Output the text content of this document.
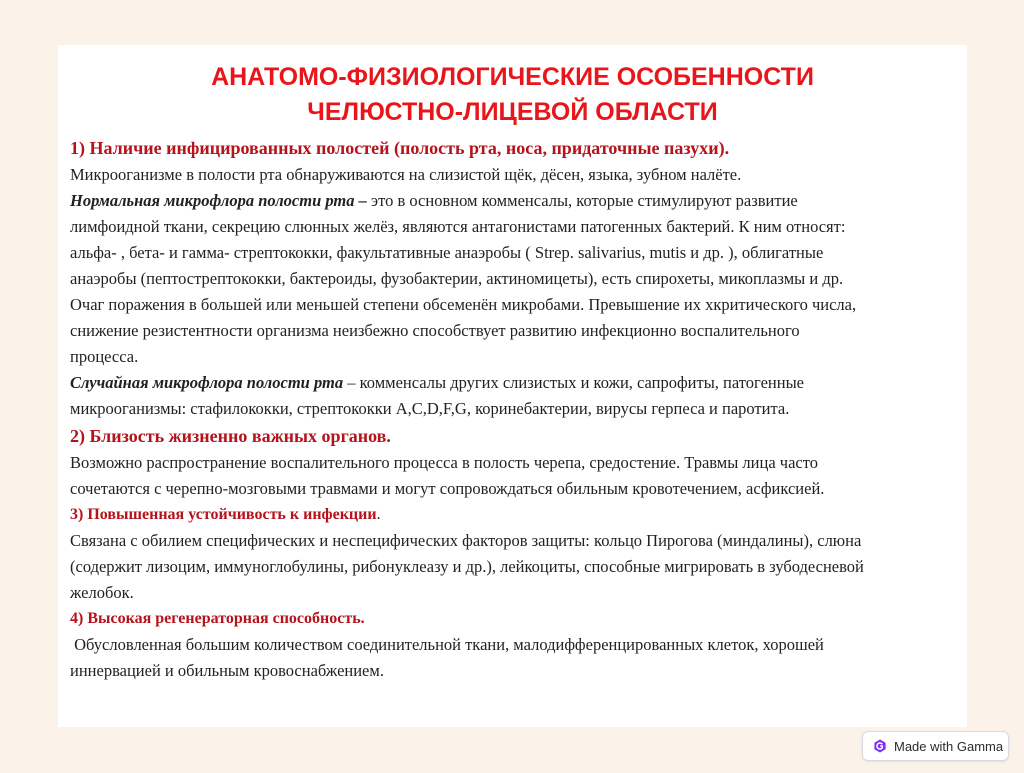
АНАТОМО-ФИЗИОЛОГИЧЕСКИЕ ОСОБЕННОСТИ
ЧЕЛЮСТНО-ЛИЦЕВОЙ ОБЛАСТИ

1) Наличие инфицированных полостей (полость рта, носа, придаточные пазухи).

Микрооганизме в полости рта обнаруживаются на слизистой щёк, дёсен, языка, зубном налёте.

Нормальная микрофлора полости рта – это в основном комменсалы, которые стимулируют развитие

лимфоидной ткани, секрецию слюнных желёз, являются антагонистами патогенных бактерий. К ним относят:

альфа- , бета- и гамма- стрептококки, факультативные анаэробы ( Strep. salivarius, mutis и др. ), облигатные

анаэробы (пептострептококки, бактероиды, фузобактерии, актиномицеты), есть спирохеты, микоплазмы и др.

Очаг поражения в большей или меньшей степени обсеменён микробами. Превышение их хкритического числа,

снижение резистентности организма неизбежно способствует развитию инфекционно воспалительного

процесса.

Случайная микрофлора полости рта – комменсалы других слизистых и кожи, сапрофиты, патогенные

микрооганизмы: стафилококки, стрептококки A,C,D,F,G, коринебактерии, вирусы герпеса и паротита.

2) Близость жизненно важных органов.

Возможно распространение воспалительного процесса в полость черепа, средостение. Травмы лица часто

сочетаются с черепно-мозговыми травмами и могут сопровождаться обильным кровотечением, асфиксией.

3) Повышенная устойчивость к инфекции.

Связана с обилием специфических и неспецифических факторов защиты: кольцо Пирогова (миндалины), слюна

(содержит лизоцим, иммуноглобулины, рибонуклеазу и др.), лейкоциты, способные мигрировать в зубодесневой

желобок.

4) Высокая регенераторная способность.

Обусловленная большим количеством соединительной ткани, малодифференцированных клеток, хорошей

иннервацией и обильным кровоснабжением.

Made with Gamma
